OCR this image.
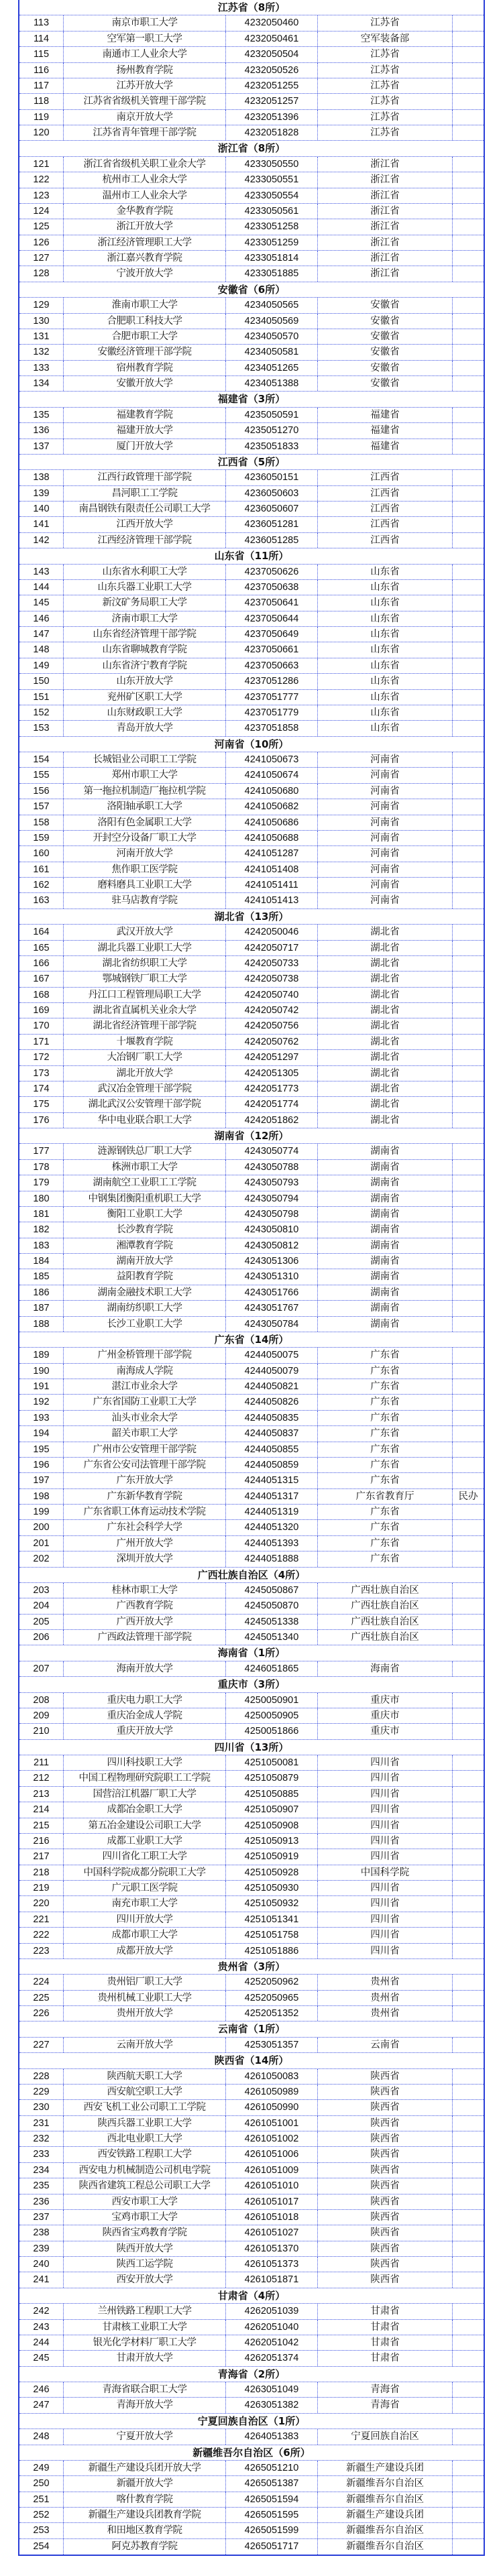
江苏省（8所）
113	南京市职工大学	4232050460	江苏省
114	空军第一职工大学	4232050461	空军装备部
115	南通市工人业余大学	4232050504	江苏省
116	扬州教育学院	4232050526	江苏省
117	江苏开放大学	4232051255	江苏省
118	江苏省省级机关管理干部学院	4232051257	江苏省
119	南京开放大学	4232051396	江苏省
120	江苏省青年管理干部学院	4232051828	江苏省
浙江省（8所）
121	浙江省省级机关职工业余大学	4233050550	浙江省
122	杭州市工人业余大学	4233050551	浙江省
123	温州市工人业余大学	4233050554	浙江省
124	金华教育学院	4233050561	浙江省
125	浙江开放大学	4233051258	浙江省
126	浙江经济管理职工大学	4233051259	浙江省
127	浙江嘉兴教育学院	4233051814	浙江省
128	宁波开放大学	4233051885	浙江省
安徽省（6所）
129	淮南市职工大学	4234050565	安徽省
130	合肥职工科技大学	4234050569	安徽省
131	合肥市职工大学	4234050570	安徽省
132	安徽经济管理干部学院	4234050581	安徽省
133	宿州教育学院	4234051265	安徽省
134	安徽开放大学	4234051388	安徽省
福建省（3所）
135	福建教育学院	4235050591	福建省
136	福建开放大学	4235051270	福建省
137	厦门开放大学	4235051833	福建省
江西省（5所）
138	江西行政管理干部学院	4236050151	江西省
139	昌河职工工学院	4236050603	江西省
140	南昌钢铁有限责任公司职工大学	4236050607	江西省
141	江西开放大学	4236051281	江西省
142	江西经济管理干部学院	4236051285	江西省
山东省（11所）
143	山东省水利职工大学	4237050626	山东省
144	山东兵器工业职工大学	4237050638	山东省
145	新汶矿务局职工大学	4237050641	山东省
146	济南市职工大学	4237050644	山东省
147	山东省经济管理干部学院	4237050649	山东省
148	山东省聊城教育学院	4237050661	山东省
149	山东省济宁教育学院	4237050663	山东省
150	山东开放大学	4237051286	山东省
151	兖州矿区职工大学	4237051777	山东省
152	山东财政职工大学	4237051779	山东省
153	青岛开放大学	4237051858	山东省
河南省（10所）
154	长城铝业公司职工工学院	4241050673	河南省
155	郑州市职工大学	4241050674	河南省
156	第一拖拉机制造厂拖拉机学院	4241050680	河南省
157	洛阳轴承职工大学	4241050682	河南省
158	洛阳有色金属职工大学	4241050686	河南省
159	开封空分设备厂职工大学	4241050688	河南省
160	河南开放大学	4241051287	河南省
161	焦作职工医学院	4241051408	河南省
162	磨料磨具工业职工大学	4241051411	河南省
163	驻马店教育学院	4241051413	河南省
湖北省（13所）
164	武汉开放大学	4242050046	湖北省
165	湖北兵器工业职工大学	4242050717	湖北省
166	湖北省纺织职工大学	4242050733	湖北省
167	鄂城钢铁厂职工大学	4242050738	湖北省
168	丹江口工程管理局职工大学	4242050740	湖北省
169	湖北省直属机关业余大学	4242050742	湖北省
170	湖北省经济管理干部学院	4242050756	湖北省
171	十堰教育学院	4242050762	湖北省
172	大冶钢厂职工大学	4242051297	湖北省
173	湖北开放大学	4242051305	湖北省
174	武汉冶金管理干部学院	4242051773	湖北省
175	湖北武汉公安管理干部学院	4242051774	湖北省
176	华中电业联合职工大学	4242051862	湖北省
湖南省（12所）
177	涟源钢铁总厂职工大学	4243050774	湖南省
178	株洲市职工大学	4243050788	湖南省
179	湖南航空工业职工工学院	4243050793	湖南省
180	中钢集团衡阳重机职工大学	4243050794	湖南省
181	衡阳工业职工大学	4243050798	湖南省
182	长沙教育学院	4243050810	湖南省
183	湘潭教育学院	4243050812	湖南省
184	湖南开放大学	4243051306	湖南省
185	益阳教育学院	4243051310	湖南省
186	湖南金融技术职工大学	4243051766	湖南省
187	湖南纺织职工大学	4243051767	湖南省
188	长沙工业职工大学	4243050784	湖南省
广东省（14所）
189	广州金桥管理干部学院	4244050075	广东省
190	南海成人学院	4244050079	广东省
191	湛江市业余大学	4244050821	广东省
192	广东省国防工业职工大学	4244050826	广东省
193	汕头市业余大学	4244050835	广东省
194	韶关市职工大学	4244050837	广东省
195	广州市公安管理干部学院	4244050855	广东省
196	广东省公安司法管理干部学院	4244050859	广东省
197	广东开放大学	4244051315	广东省
198	广东新华教育学院	4244051317	广东省教育厅	民办
199	广东省职工体育运动技术学院	4244051319	广东省
200	广东社会科学大学	4244051320	广东省
201	广州开放大学	4244051393	广东省
202	深圳开放大学	4244051888	广东省
广西壮族自治区（4所）
203	桂林市职工大学	4245050867	广西壮族自治区
204	广西教育学院	4245050870	广西壮族自治区
205	广西开放大学	4245051338	广西壮族自治区
206	广西政法管理干部学院	4245051340	广西壮族自治区
海南省（1所）
207	海南开放大学	4246051865	海南省
重庆市（3所）
208	重庆电力职工大学	4250050901	重庆市
209	重庆冶金成人学院	4250050905	重庆市
210	重庆开放大学	4250051866	重庆市
四川省（13所）
211	四川科技职工大学	4251050081	四川省
212	中国工程物理研究院职工工学院	4251050879	四川省
213	国营涪江机器厂职工大学	4251050885	四川省
214	成都冶金职工大学	4251050907	四川省
215	第五冶金建设公司职工大学	4251050908	四川省
216	成都工业职工大学	4251050913	四川省
217	四川省化工职工大学	4251050919	四川省
218	中国科学院成都分院职工大学	4251050928	中国科学院
219	广元职工医学院	4251050930	四川省
220	南充市职工大学	4251050932	四川省
221	四川开放大学	4251051341	四川省
222	成都市职工大学	4251051758	四川省
223	成都开放大学	4251051886	四川省
贵州省（3所）
224	贵州铝厂职工大学	4252050962	贵州省
225	贵州机械工业职工大学	4252050965	贵州省
226	贵州开放大学	4252051352	贵州省
云南省（1所）
227	云南开放大学	4253051357	云南省
陕西省（14所）
228	陕西航天职工大学	4261050083	陕西省
229	西安航空职工大学	4261050989	陕西省
230	西安飞机工业公司职工工学院	4261050990	陕西省
231	陕西兵器工业职工大学	4261051001	陕西省
232	西北电业职工大学	4261051002	陕西省
233	西安铁路工程职工大学	4261051006	陕西省
234	西安电力机械制造公司机电学院	4261051009	陕西省
235	陕西省建筑工程总公司职工大学	4261051010	陕西省
236	西安市职工大学	4261051017	陕西省
237	宝鸡市职工大学	4261051018	陕西省
238	陕西省宝鸡教育学院	4261051027	陕西省
239	陕西开放大学	4261051370	陕西省
240	陕西工运学院	4261051373	陕西省
241	西安开放大学	4261051871	陕西省
甘肃省（4所）
242	兰州铁路工程职工大学	4262051039	甘肃省
243	甘肃核工业职工大学	4262051040	甘肃省
244	银光化学材料厂职工大学	4262051042	甘肃省
245	甘肃开放大学	4262051374	甘肃省
青海省（2所）
246	青海省联合职工大学	4263051049	青海省
247	青海开放大学	4263051382	青海省
宁夏回族自治区（1所）
248	宁夏开放大学	4264051383	宁夏回族自治区
新疆维吾尔自治区（6所）
249	新疆生产建设兵团开放大学	4265051210	新疆生产建设兵团
250	新疆开放大学	4265051387	新疆维吾尔自治区
251	喀什教育学院	4265051594	新疆维吾尔自治区
252	新疆生产建设兵团教育学院	4265051595	新疆生产建设兵团
253	和田地区教育学院	4265051599	新疆维吾尔自治区
254	阿克苏教育学院	4265051717	新疆维吾尔自治区
